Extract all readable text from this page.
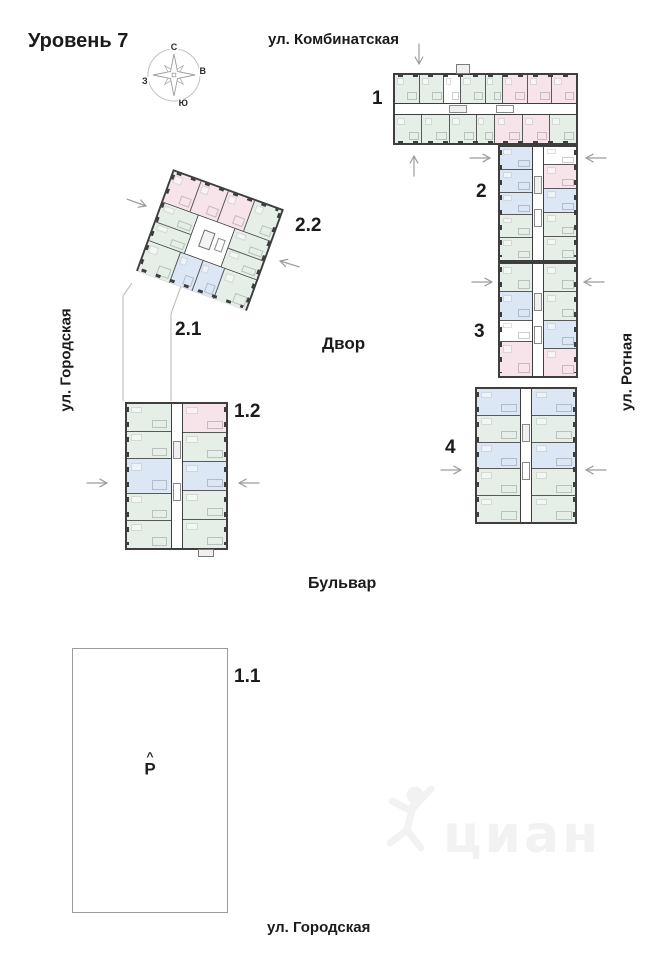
Уровень 7	ул. Комбинатская
Двор
Бульвар
ул. Городская
ул. Городская	ул. Ротная
1
2
3
4
2.2
2.1
1.2
1.1
^
Р
С
В
Ю
З
циан
